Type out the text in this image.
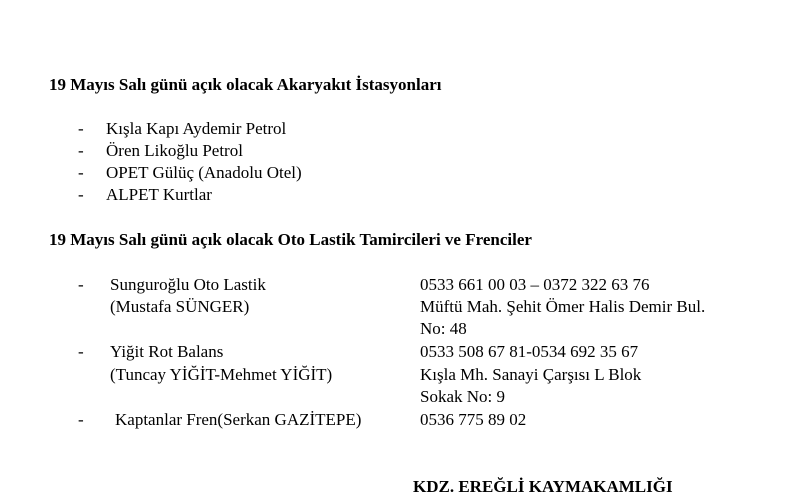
19 Mayıs Salı günü açık olacak Akaryakıt İstasyonları
- Kışla Kapı Aydemir Petrol
- Ören Likoğlu Petrol
- OPET Gülüç (Anadolu Otel)
- ALPET Kurtlar
19 Mayıs Salı günü açık olacak Oto Lastik Tamircileri ve Frenciler
- Sunguroğlu Oto Lastik
(Mustafa SÜNGER)
0533 661 00 03 – 0372 322 63 76
Müftü Mah. Şehit Ömer Halis Demir Bul.
No: 48
- Yiğit Rot Balans
(Tuncay YİĞİT-Mehmet YİĞİT)
0533 508 67 81-0534 692 35 67
Kışla Mh. Sanayi Çarşısı L Blok
Sokak No: 9
- Kaptanlar Fren(Serkan GAZİTEPE)	0536 775 89 02
KDZ. EREĞLİ KAYMAKAMLIĞI
